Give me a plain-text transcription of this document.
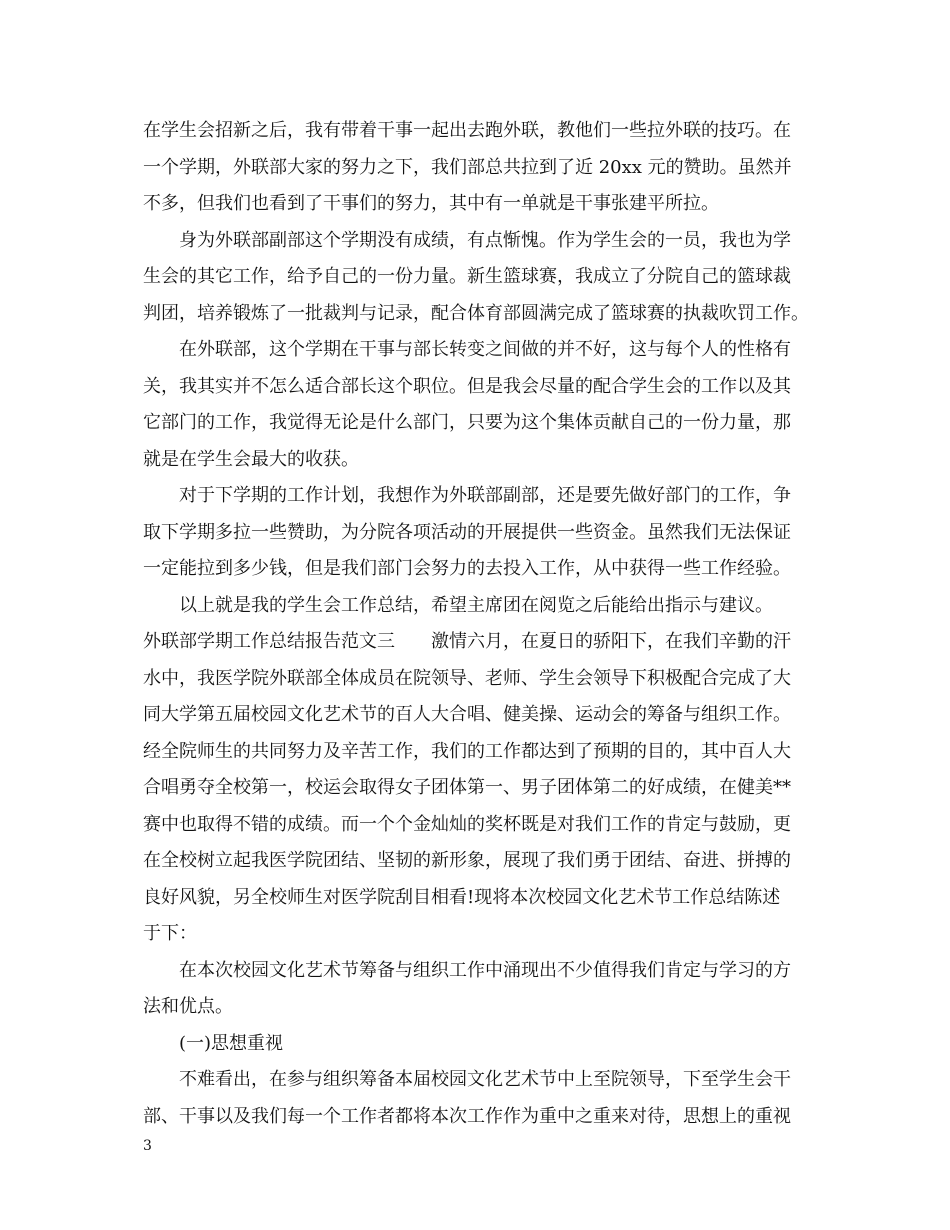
在学生会招新之后，我有带着干事一起出去跑外联，教他们一些拉外联的技巧。在
一个学期，外联部大家的努力之下，我们部总共拉到了近 20xx 元的赞助。虽然并
不多，但我们也看到了干事们的努力，其中有一单就是干事张建平所拉。
身为外联部副部这个学期没有成绩，有点惭愧。作为学生会的一员，我也为学
生会的其它工作，给予自己的一份力量。新生篮球赛，我成立了分院自己的篮球裁
判团，培养锻炼了一批裁判与记录，配合体育部圆满完成了篮球赛的执裁吹罚工作。
在外联部，这个学期在干事与部长转变之间做的并不好，这与每个人的性格有
关，我其实并不怎么适合部长这个职位。但是我会尽量的配合学生会的工作以及其
它部门的工作，我觉得无论是什么部门，只要为这个集体贡献自己的一份力量，那
就是在学生会最大的收获。
对于下学期的工作计划，我想作为外联部副部，还是要先做好部门的工作，争
取下学期多拉一些赞助，为分院各项活动的开展提供一些资金。虽然我们无法保证
一定能拉到多少钱，但是我们部门会努力的去投入工作，从中获得一些工作经验。
以上就是我的学生会工作总结，希望主席团在阅览之后能给出指示与建议。
外联部学期工作总结报告范文三　　激情六月，在夏日的骄阳下，在我们辛勤的汗
水中，我医学院外联部全体成员在院领导、老师、学生会领导下积极配合完成了大
同大学第五届校园文化艺术节的百人大合唱、健美操、运动会的筹备与组织工作。
经全院师生的共同努力及辛苦工作，我们的工作都达到了预期的目的，其中百人大
合唱勇夺全校第一，校运会取得女子团体第一、男子团体第二的好成绩，在健美**
赛中也取得不错的成绩。而一个个金灿灿的奖杯既是对我们工作的肯定与鼓励，更
在全校树立起我医学院团结、坚韧的新形象，展现了我们勇于团结、奋进、拼搏的
良好风貌，另全校师生对医学院刮目相看!现将本次校园文化艺术节工作总结陈述
于下：
在本次校园文化艺术节筹备与组织工作中涌现出不少值得我们肯定与学习的方
法和优点。
(一)思想重视
不难看出，在参与组织筹备本届校园文化艺术节中上至院领导，下至学生会干
部、干事以及我们每一个工作者都将本次工作作为重中之重来对待，思想上的重视
3
